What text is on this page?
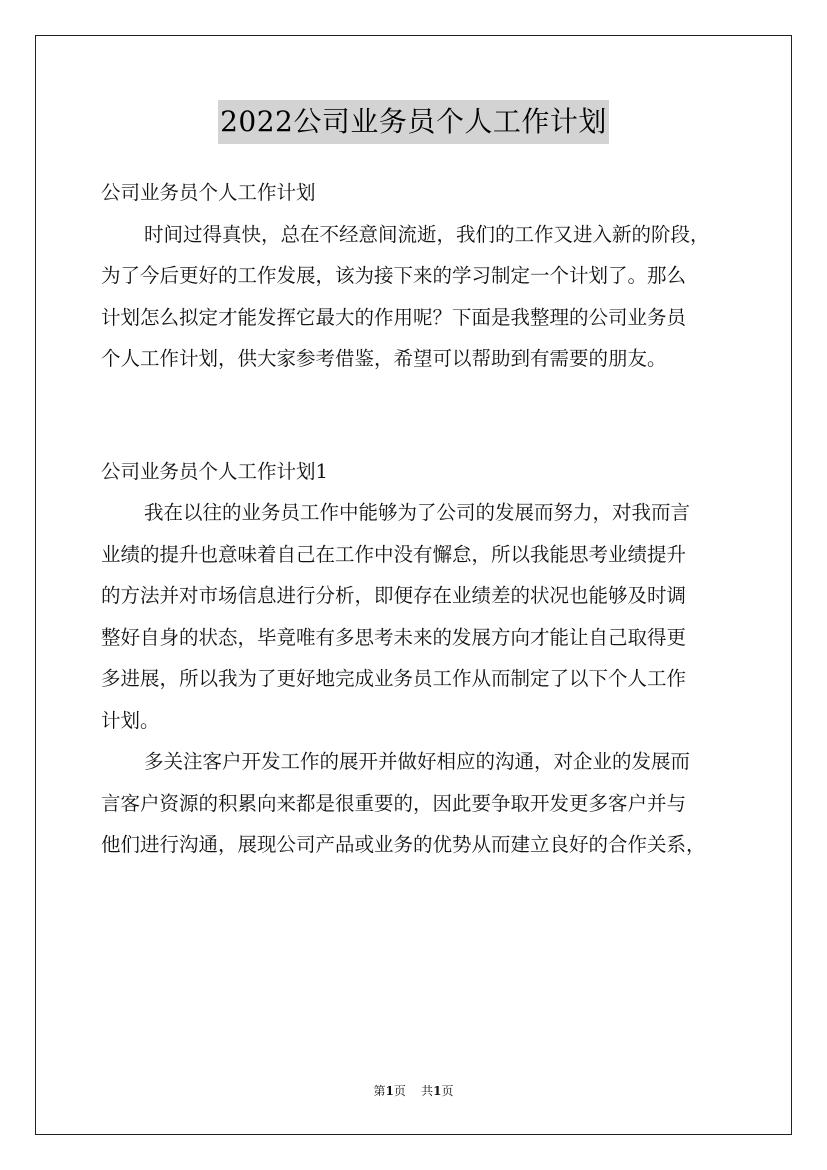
2022公司业务员个人工作计划
公司业务员个人工作计划
时间过得真快，总在不经意间流逝，我们的工作又进入新的阶段，
为了今后更好的工作发展，该为接下来的学习制定一个计划了。那么
计划怎么拟定才能发挥它最大的作用呢？下面是我整理的公司业务员
个人工作计划，供大家参考借鉴，希望可以帮助到有需要的朋友。
公司业务员个人工作计划1
我在以往的业务员工作中能够为了公司的发展而努力，对我而言
业绩的提升也意味着自己在工作中没有懈怠，所以我能思考业绩提升
的方法并对市场信息进行分析，即便存在业绩差的状况也能够及时调
整好自身的状态，毕竟唯有多思考未来的发展方向才能让自己取得更
多进展，所以我为了更好地完成业务员工作从而制定了以下个人工作
计划。
多关注客户开发工作的展开并做好相应的沟通，对企业的发展而
言客户资源的积累向来都是很重要的，因此要争取开发更多客户并与
他们进行沟通，展现公司产品或业务的优势从而建立良好的合作关系，
第1页 共1页
